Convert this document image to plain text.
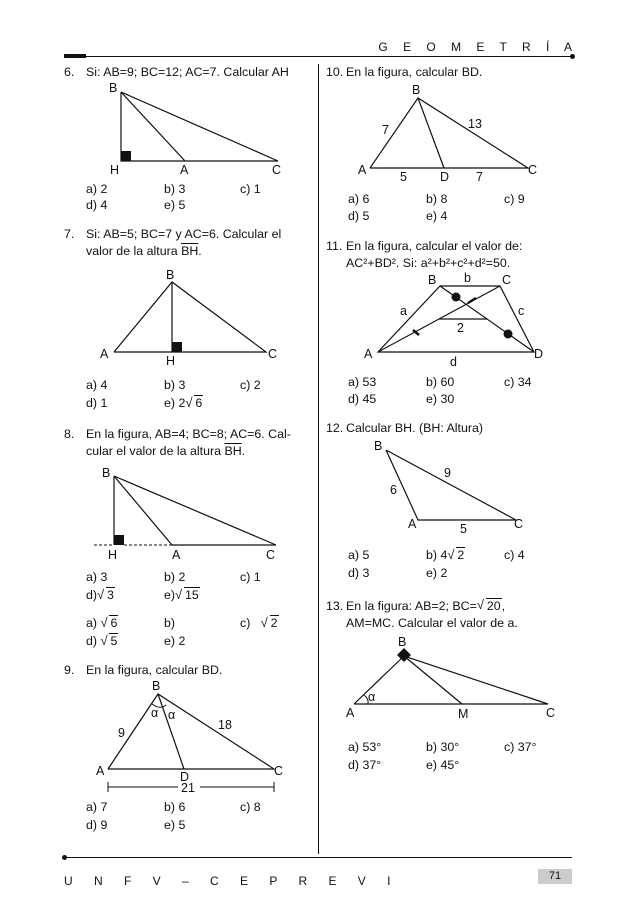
G E O M E T R Í A
U N F V – C E P R E V I	71
6. Si: AB=9; BC=12; AC=7. Calcular AH
B
H	A	C
a) 2	b) 3	c) 1
d) 4	e) 5
7. Si: AB=5; BC=7 y AC=6. Calcular el
valor de la altura $\overline{BH}$.
B
A	H	C
a) 4	b) 3	c) 2
d) 1	e) 2 √ 6
8. En la figura, AB=4; BC=8; AC=6. Cal-
cular el valor de la altura $\overline{BH}$.
B
H	A	C
a) 3	b) 2	c) 1
d) √ 3	e) √ 15
a) √ 6	b)	c) √ 2
d) √ 5	e) 2
9. En la figura, calcular BD.
B
α α
9
18
A	D	C
21
a) 7	b) 6	c) 8
d) 9	e) 5
10. En la figura, calcular BD.
B
7	13
A	5	D 7	C
a) 6	b) 8	c) 9
d) 5	e) 4
11. En la figura, calcular el valor de:
AC²+BD². Si: a²+b²+c²+d²=50.
B b C
a	c
2
A
d
D
a) 53	b) 60	c) 34
d) 45	e) 30
12. Calcular BH. (BH: Altura)
B
6
9
A	5	C
a) 5	b) 4 √ 2	c) 4
d) 3	e) 2
13. En la figura: AB=2; BC= √ 20,
AM=MC. Calcular el valor de a.
B
α
A	M	C
a) 53°	b) 30°	c) 37°
d) 37°	e) 45°
